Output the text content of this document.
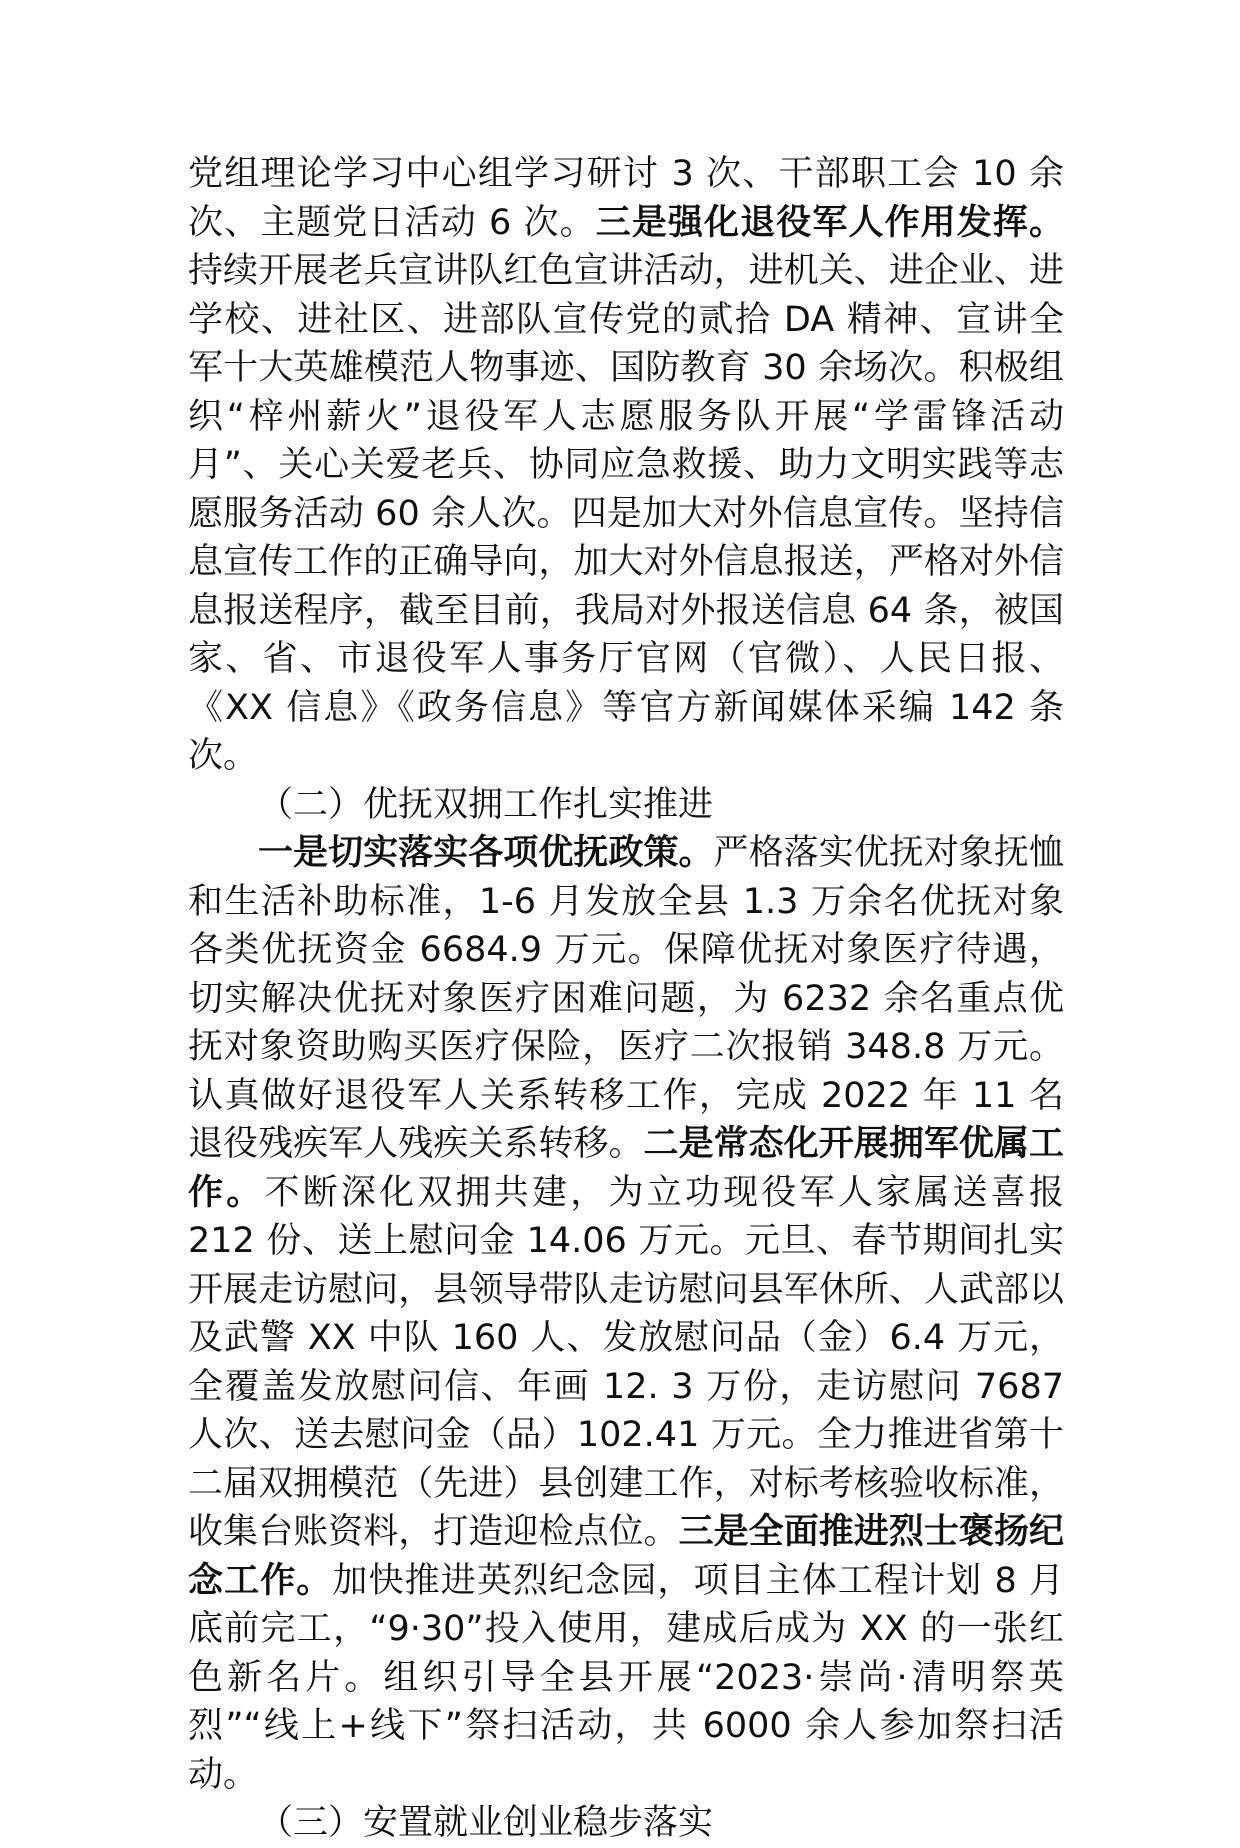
党组理论学习中心组学习研讨 3 次、干部职工会 10 余次、主题党日活动 6 次。三是强化退役军人作用发挥。持续开展老兵宣讲队红色宣讲活动，进机关、进企业、进学校、进社区、进部队宣传党的贰拾 DA 精神、宣讲全军十大英雄模范人物事迹、国防教育 30 余场次。积极组织“梓州薪火”退役军人志愿服务队开展“学雷锋活动月”、关心关爱老兵、协同应急救援、助力文明实践等志愿服务活动 60 余人次。四是加大对外信息宣传。坚持信息宣传工作的正确导向，加大对外信息报送，严格对外信息报送程序，截至目前，我局对外报送信息 64 条，被国家、省、市退役军人事务厅官网（官微）、人民日报、《XX 信息》《政务信息》等官方新闻媒体采编 142 条次。

（二）优抚双拥工作扎实推进

一是切实落实各项优抚政策。严格落实优抚对象抚恤和生活补助标准，1-6 月发放全县 1.3 万余名优抚对象各类优抚资金 6684.9 万元。保障优抚对象医疗待遇，切实解决优抚对象医疗困难问题，为 6232 余名重点优抚对象资助购买医疗保险，医疗二次报销 348.8 万元。认真做好退役军人关系转移工作，完成 2022 年 11 名退役残疾军人残疾关系转移。二是常态化开展拥军优属工作。不断深化双拥共建，为立功现役军人家属送喜报 212 份、送上慰问金 14.06 万元。元旦、春节期间扎实开展走访慰问，县领导带队走访慰问县军休所、人武部以及武警 XX 中队 160 人、发放慰问品（金）6.4 万元，全覆盖发放慰问信、年画 12. 3 万份，走访慰问 7687 人次、送去慰问金（品）102.41 万元。全力推进省第十二届双拥模范（先进）县创建工作，对标考核验收标准，收集台账资料，打造迎检点位。三是全面推进烈士褒扬纪念工作。加快推进英烈纪念园，项目主体工程计划 8 月底前完工，“9·30”投入使用，建成后成为 XX 的一张红色新名片。组织引导全县开展“2023·崇尚·清明祭英烈”“线上+线下”祭扫活动，共 6000 余人参加祭扫活动。

（三）安置就业创业稳步落实
